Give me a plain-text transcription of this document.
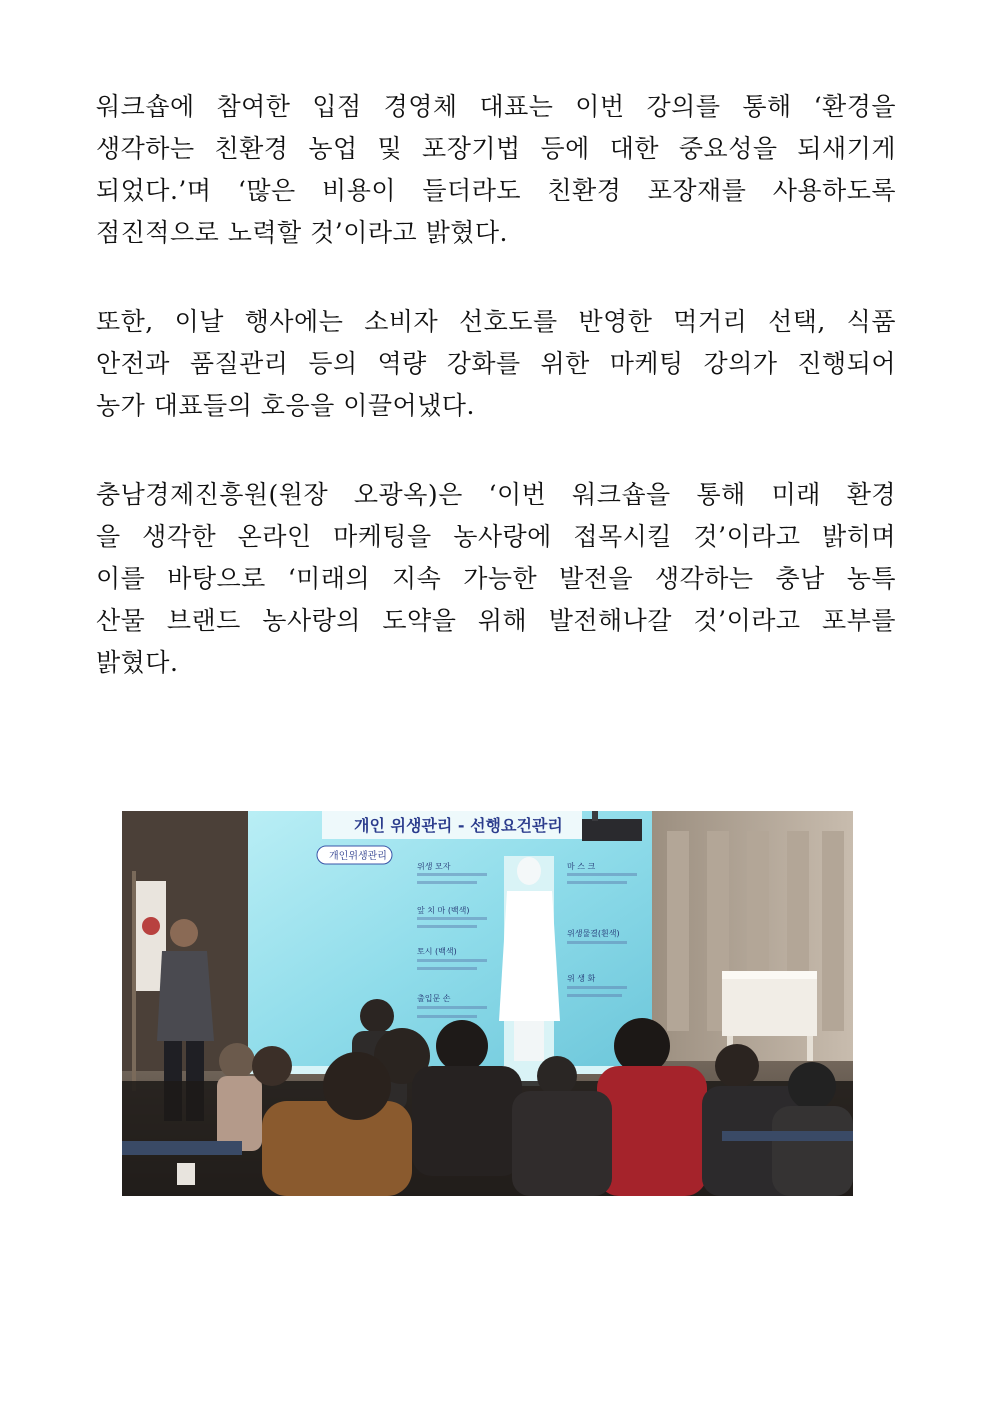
워크숍에 참여한 입점 경영체 대표는 이번 강의를 통해 ‘환경을
생각하는 친환경 농업 및 포장기법 등에 대한 중요성을 되새기게
되었다.’며 ‘많은 비용이 들더라도 친환경 포장재를 사용하도록
점진적으로 노력할 것’이라고 밝혔다.
또한, 이날 행사에는 소비자 선호도를 반영한 먹거리 선택, 식품
안전과 품질관리 등의 역량 강화를 위한 마케팅 강의가 진행되어
농가 대표들의 호응을 이끌어냈다.
충남경제진흥원(원장 오광옥)은 ‘이번 워크숍을 통해 미래 환경
을 생각한 온라인 마케팅을 농사랑에 접목시킬 것’이라고 밝히며
이를 바탕으로 ‘미래의 지속 가능한 발전을 생각하는 충남 농특
산물 브랜드 농사랑의 도약을 위해 발전해나갈 것’이라고 포부를
밝혔다.
개인 위생관리 - 선행요건관리
개인위생관리
위생 모자
앞 치 마 (백색)
토시 (백색)
출입문 손
마 스 크
위생물결(흰색)
위 생 화
